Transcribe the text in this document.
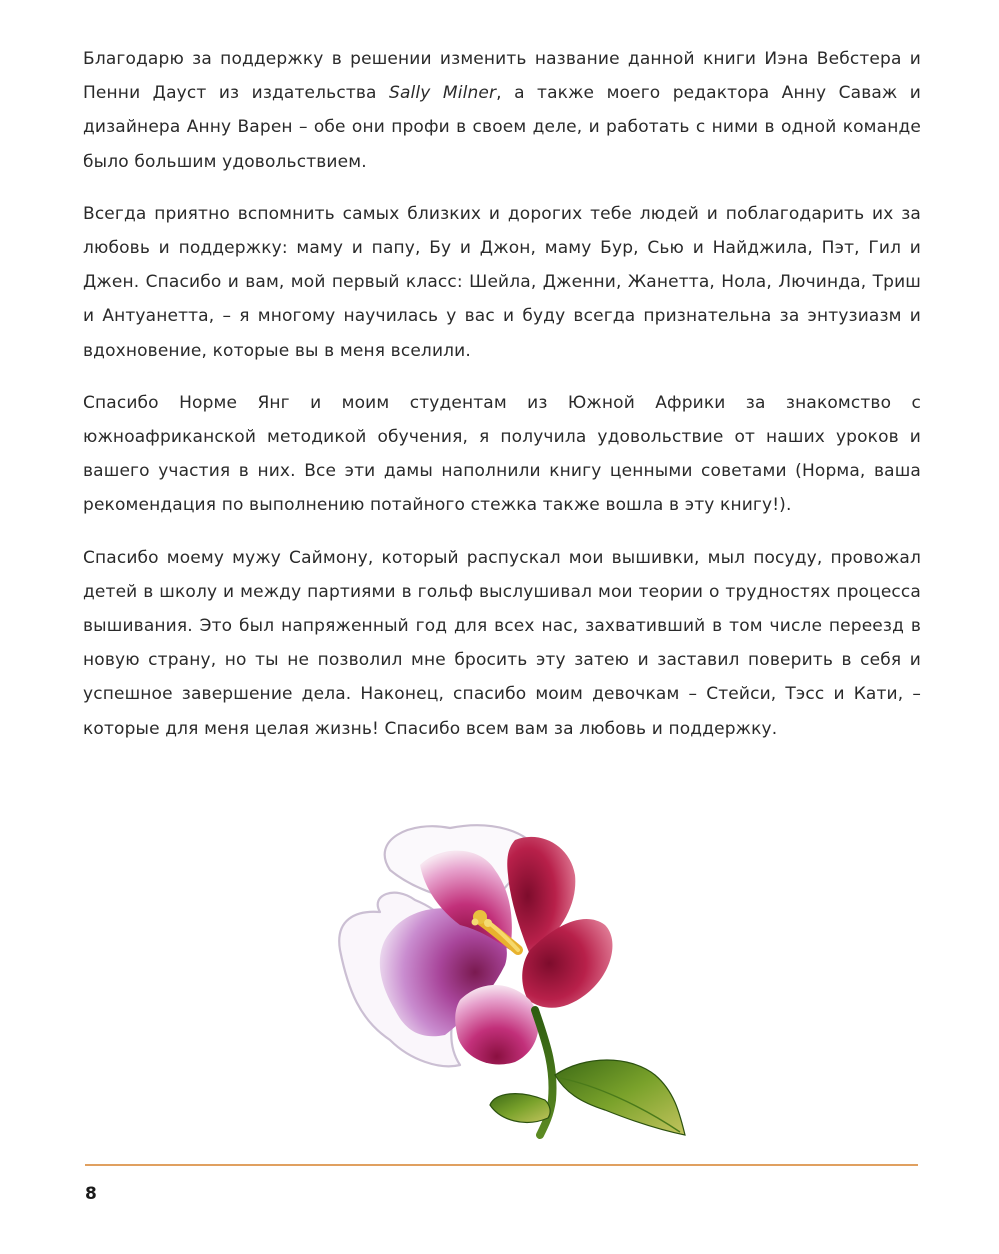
Благодарю за поддержку в решении изменить название данной книги Иэна Вебстера и Пенни Дауст из издательства Sally Milner, а также моего редактора Анну Саваж и дизайнера Анну Варен – обе они профи в своем деле, и работать с ними в одной команде было большим удовольствием.

Всегда приятно вспомнить самых близких и дорогих тебе людей и поблагодарить их за любовь и поддержку: маму и папу, Бу и Джон, маму Бур, Сью и Найджила, Пэт, Гил и Джен. Спасибо и вам, мой первый класс: Шейла, Дженни, Жанетта, Нола, Лючинда, Триш и Антуанетта, – я многому научилась у вас и буду всегда признательна за энтузиазм и вдохновение, которые вы в меня вселили.

Спасибо Норме Янг и моим студентам из Южной Африки за знакомство с южноафриканской методикой обучения, я получила удовольствие от наших уроков и вашего участия в них. Все эти дамы наполнили книгу ценными советами (Норма, ваша рекомендация по выполнению потайного стежка также вошла в эту книгу!).

Спасибо моему мужу Саймону, который распускал мои вышивки, мыл посуду, провожал детей в школу и между партиями в гольф выслушивал мои теории о трудностях процесса вышивания. Это был напряженный год для всех нас, захвативший в том числе переезд в новую страну, но ты не позволил мне бросить эту затею и заставил поверить в себя и успешное завершение дела. Наконец, спасибо моим девочкам – Стейси, Тэсс и Кати, – которые для меня целая жизнь! Спасибо всем вам за любовь и поддержку.

8
